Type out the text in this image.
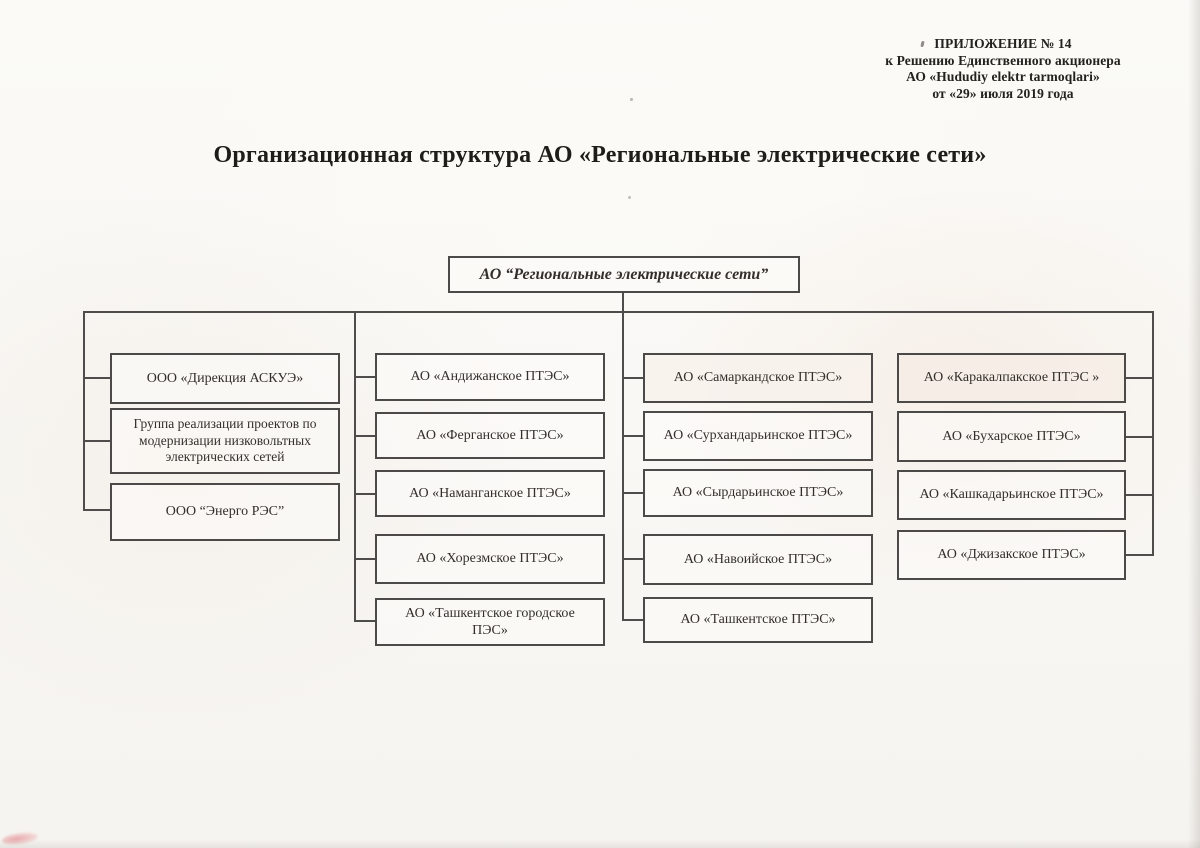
ПРИЛОЖЕНИЕ № 14
к Решению Единственного акционера
АО «Hududiy elektr tarmoqlari»
от «29» июля 2019 года
Организационная структура АО «Региональные электрические сети»
АО “Региональные электрические сети”
ООО «Дирекция АСКУЭ»
Группа реализации проектов по модернизации низковольтных электрических сетей
ООО “Энерго РЭС”
АО «Андижанское ПТЭС»
АО «Ферганское ПТЭС»
АО «Наманганское ПТЭС»
АО «Хорезмское ПТЭС»
АО «Ташкентское городское ПЭС»
АО «Самаркандское ПТЭС»
АО «Сурхандарьинское ПТЭС»
АО «Сырдарьинское ПТЭС»
АО «Навоийское ПТЭС»
АО «Ташкентское ПТЭС»
АО «Каракалпакское ПТЭС »
АО «Бухарское ПТЭС»
АО «Кашкадарьинское ПТЭС»
АО «Джизакское ПТЭС»
